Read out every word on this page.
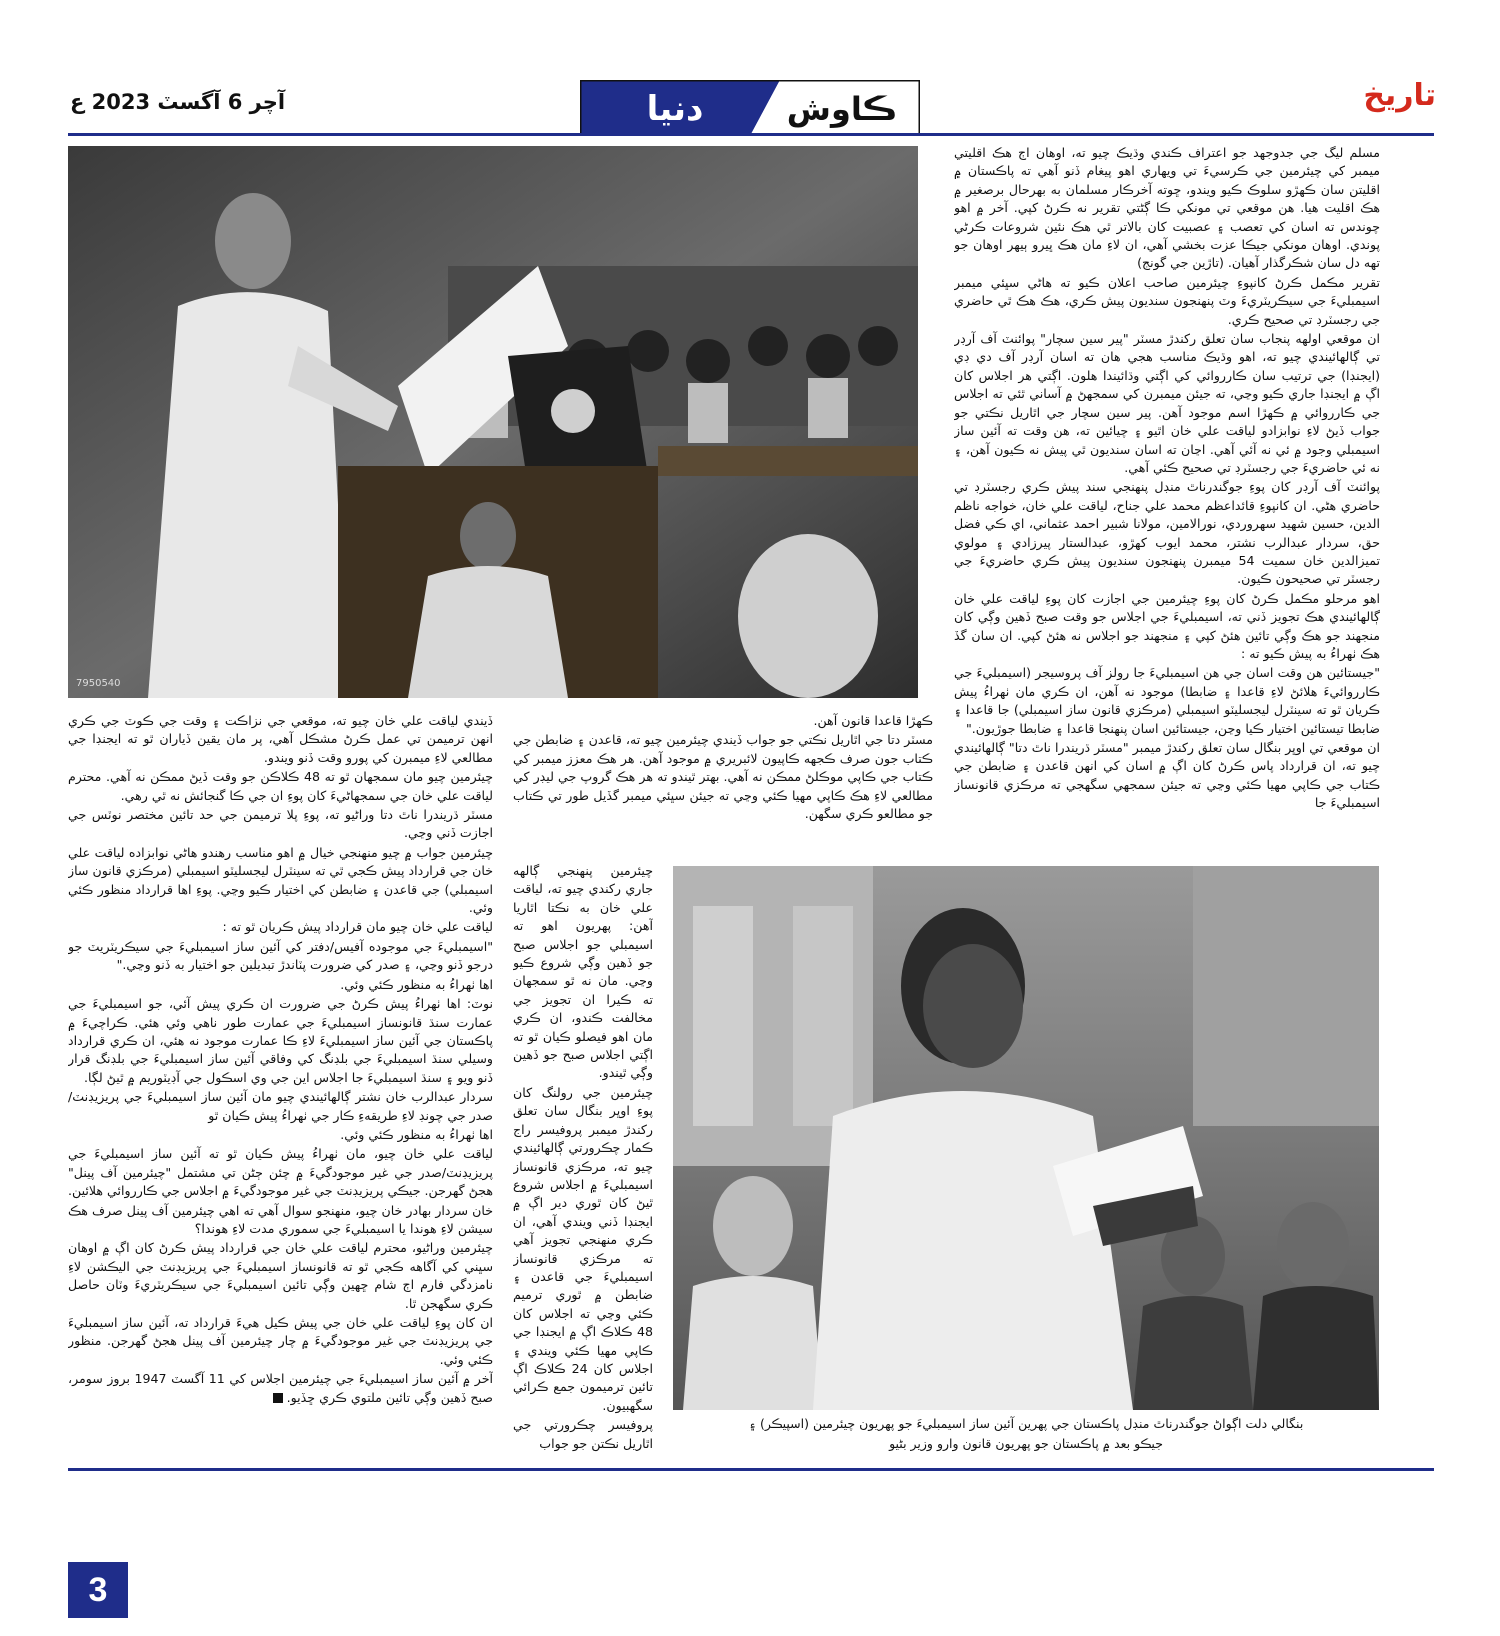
تاريخ
آچر 6 آگسٽ 2023 ع	دنيا	ڪاوش
7950540

مسلم ليگ جي جدوجهد جو اعتراف ڪندي وڌيڪ چيو ته، اوهان اڄ هڪ اقليتي ميمبر کي چيئرمين جي ڪرسيءَ تي ويهاري اهو پيغام ڏنو آهي ته پاڪستان ۾ اقليتن سان ڪهڙو سلوڪ ڪيو ويندو، ڇوته آخرڪار مسلمان به بهرحال برصغير ۾ هڪ اقليت هيا. هن موقعي تي مونکي ڪا ڳڻتي تقرير نه ڪرڻ کپي. آخر ۾ اهو چوندس ته اسان کي تعصب ۽ عصبيت کان بالاتر ٿي هڪ نئين شروعات ڪرڻي پوندي. اوهان مونکي جيڪا عزت بخشي آهي، ان لاءِ مان هڪ ڀيرو ٻيهر اوهان جو تهه دل سان شڪرگذار آهيان. (تاڙين جي گونج)

تقرير مڪمل ڪرڻ کانپوءِ چيئرمين صاحب اعلان ڪيو ته هاڻي سڀئي ميمبر اسيمبليءَ جي سيڪريٽريءَ وٽ پنهنجون سنديون پيش ڪري، هڪ هڪ ٿي حاضري جي رجسٽرڊ تي صحيح ڪري.

ان موقعي اولهه پنجاب سان تعلق رکندڙ مسٽر "پير سين سچار" پوائنٽ آف آرڊر تي ڳالهائيندي چيو ته، اهو وڌيڪ مناسب هجي هان ته اسان آرڊر آف دي ڊي (ايجنڊا) جي ترتيب سان ڪارروائي کي اڳتي وڌائيندا هلون. اڳتي هر اجلاس کان اڳ ۾ ايجنڊا جاري ڪيو وڃي، ته جيئن ميمبرن کي سمجهڻ ۾ آساني ٿئي ته اجلاس جي ڪارروائي ۾ ڪهڙا اسم موجود آهن. پير سين سچار جي اٿاريل نڪتي جو جواب ڏيڻ لاءِ نوابزادو لياقت علي خان اٿيو ۽ چيائين ته، هن وقت ته آئين ساز اسيمبلي وجود ۾ ئي نه آئي آهي. اڃان ته اسان سنديون ٿي پيش نه ڪيون آهن، ۽ نه ئي حاضريءَ جي رجسٽرڊ تي صحيح ڪئي آهي.

پوائنٽ آف آرڊر کان پوءِ جوگندرناٿ منڊل پنهنجي سند پيش ڪري رجسٽرڊ تي حاضري هڻي. ان کانپوءِ قائداعظم محمد علي جناح، لياقت علي خان، خواجه ناظم الدين، حسين شهيد سهروردي، نورالامين، مولانا شبير احمد عثماني، اي ڪي فضل حق، سردار عبدالرب نشتر، محمد ايوب کهڙو، عبدالستار پيرزادي ۽ مولوي تميزالدين خان سميت 54 ميمبرن پنهنجون سنديون پيش ڪري حاضريءَ جي رجسٽر تي صحيحون ڪيون.

اهو مرحلو مڪمل ڪرڻ کان پوءِ چيئرمين جي اجازت کان پوءِ لياقت علي خان ڳالهائيندي هڪ تجويز ڏني ته، اسيمبليءَ جي اجلاس جو وقت صبح ڏهين وڳي کان منجهند جو هڪ وڳي تائين هئڻ کپي ۽ منجهند جو اجلاس نه هئڻ کپي. ان سان گڏ هڪ ٺهراءُ به پيش ڪيو ته :

"جيستائين هن وقت اسان جي هن اسيمبليءَ جا رولز آف پروسيجر (اسيمبليءَ جي ڪارروائيءَ هلائڻ لاءِ قاعدا ۽ ضابطا) موجود نه آهن، ان ڪري مان ٺهراءُ پيش ڪريان ٿو ته سينٽرل ليجسليٽو اسيمبلي (مرڪزي قانون ساز اسيمبلي) جا قاعدا ۽ ضابطا تيستائين اختيار ڪيا وڃن، جيستائين اسان پنهنجا قاعدا ۽ ضابطا جوڙيون."

ان موقعي تي اوڀر بنگال سان تعلق رکندڙ ميمبر "مسٽر ڌريندرا ناٿ دتا" ڳالهائيندي چيو ته، ان قرارداد پاس ڪرڻ کان اڳ ۾ اسان کي انهن قاعدن ۽ ضابطن جي ڪتاب جي ڪاپي مهيا ڪئي وڃي ته جيئن سمجهي سگهجي ته مرڪزي قانونساز اسيمبليءَ جا

ڪهڙا قاعدا قانون آهن.

مسٽر دتا جي اٿاريل نڪتي جو جواب ڏيندي چيئرمين چيو ته، قاعدن ۽ ضابطن جي ڪتاب جون صرف ڪجهه ڪاپيون لائبريري ۾ موجود آهن. هر هڪ معزز ميمبر کي ڪتاب جي ڪاپي موڪلڻ ممڪن نه آهي. بهتر ٿيندو ته هر هڪ گروپ جي ليڊر کي مطالعي لاءِ هڪ ڪاپي مهيا ڪئي وڃي ته جيئن سڀئي ميمبر گڏيل طور تي ڪتاب جو مطالعو ڪري سگهن.

ڏيندي لياقت علي خان چيو ته، موقعي جي نزاڪت ۽ وقت جي ڪوٽ جي ڪري انهن ترميمن تي عمل ڪرڻ مشڪل آهي، پر مان يقين ڏياران ٿو ته ايجنڊا جي مطالعي لاءِ ميمبرن کي پورو وقت ڏنو ويندو.

چيئرمين چيو مان سمجهان ٿو ته 48 ڪلاڪن جو وقت ڏيڻ ممڪن نه آهي. محترم لياقت علي خان جي سمجهاڻيءَ کان پوءِ ان جي ڪا گنجائش نه ٿي رهي.

مسٽر ڌريندرا ناٿ دتا وراڻيو ته، پوءِ پلا ترميمن جي حد تائين مختصر نوٽس جي اجازت ڏني وڃي.

چيئرمين جواب ۾ چيو منهنجي خيال ۾ اهو مناسب رهندو هاڻي نوابزاده لياقت علي خان جي قرارداد پيش ڪجي ٿي ته سينٽرل ليجسليٽو اسيمبلي (مرڪزي قانون ساز اسيمبلي) جي قاعدن ۽ ضابطن کي اختيار ڪيو وڃي. پوءِ اها قرارداد منظور ڪئي وئي.

لياقت علي خان چيو مان قرارداد پيش ڪريان ٿو ته :

"اسيمبليءَ جي موجوده آفيس/دفتر کي آئين ساز اسيمبليءَ جي سيڪريٽريٽ جو درجو ڏنو وڃي، ۽ صدر کي ضرورت پٽاندڙ تبديلين جو اختيار به ڏنو وڃي."

اها ٺهراءُ به منظور ڪئي وئي.

نوٽ: اها ٺهراءُ پيش ڪرڻ جي ضرورت ان ڪري پيش آئي، جو اسيمبليءَ جي عمارت سنڌ قانونساز اسيمبليءَ جي عمارت طور ناهي وئي هئي. ڪراچيءَ ۾ پاڪستان جي آئين ساز اسيمبليءَ لاءِ ڪا عمارت موجود نه هئي، ان ڪري قرارداد وسيلي سنڌ اسيمبليءَ جي بلڊنگ کي وفاقي آئين ساز اسيمبليءَ جي بلڊنگ قرار ڏنو ويو ۽ سنڌ اسيمبليءَ جا اجلاس اين جي وي اسڪول جي آڊيٽوريم ۾ ٿيڻ لڳا.

سردار عبدالرب خان نشتر ڳالهائيندي چيو مان آئين ساز اسيمبليءَ جي پريزيڊنٽ/صدر جي چونڊ لاءِ طريقهءِ ڪار جي ٺهراءُ پيش ڪيان ٿو

اها ٺهراءُ به منظور ڪئي وئي.

لياقت علي خان چيو، مان ٺهراءُ پيش ڪيان ٿو ته آئين ساز اسيمبليءَ جي پريزيڊنٽ/صدر جي غير موجودگيءَ ۾ چئن ڄڻن تي مشتمل "چيئرمين آف پينل" هجڻ گهرجن. جيڪي پريزيڊنٽ جي غير موجودگيءَ ۾ اجلاس جي ڪارروائي هلائين.

خان سردار بهادر خان چيو، منهنجو سوال آهي ته اهي چيئرمين آف پينل صرف هڪ سيشن لاءِ هوندا يا اسيمبليءَ جي سموري مدت لاءِ هوندا؟

چيئرمين وراڻيو، محترم لياقت علي خان جي قرارداد پيش ڪرڻ کان اڳ ۾ اوهان سڀني کي آگاهه ڪجي ٿو ته قانونساز اسيمبليءَ جي پريزيڊنٽ جي اليڪشن لاءِ نامزدگي فارم اڄ شام ڇهين وڳي تائين اسيمبليءَ جي سيڪريٽريءَ وٽان حاصل ڪري سگهجن ٿا.

ان کان پوءِ لياقت علي خان جي پيش ڪيل هيءَ قرارداد ته، آئين ساز اسيمبليءَ جي پريزيڊنٽ جي غير موجودگيءَ ۾ چار چيئرمين آف پينل هجڻ گهرجن. منظور ڪئي وئي.

آخر ۾ آئين ساز اسيمبليءَ جي چيئرمين اجلاس کي 11 آگسٽ 1947 بروز سومر، صبح ڏهين وڳي تائين ملتوي ڪري ڇڏيو.

چيئرمين پنهنجي ڳالهه جاري رکندي چيو ته، لياقت علي خان به نڪتا اٿاريا آهن: پهريون اهو ته اسيمبلي جو اجلاس صبح جو ڏهين وڳي شروع ڪيو وڃي. مان نه ٿو سمجهان ته ڪيرا ان تجويز جي مخالفت ڪندو، ان ڪري مان اهو فيصلو ڪيان ٿو ته اڳتي اجلاس صبح جو ڏهين وڳي ٿيندو.

چيئرمين جي رولنگ کان پوءِ اوڀر بنگال سان تعلق رکندڙ ميمبر پروفيسر راج ڪمار چڪرورتي ڳالهائيندي چيو ته، مرڪزي قانونساز اسيمبليءَ ۾ اجلاس شروع ٿيڻ کان ٿوري دير اڳ ۾ ايجنڊا ڏني ويندي آهي، ان ڪري منهنجي تجويز آهي ته مرڪزي قانونساز اسيمبليءَ جي قاعدن ۽ ضابطن ۾ ٿوري ترميم ڪئي وڃي ته اجلاس کان 48 ڪلاڪ اڳ ۾ ايجنڊا جي ڪاپي مهيا ڪئي ويندي ۽ اجلاس کان 24 ڪلاڪ اڳ تائين ترميمون جمع ڪرائي سگهبيون.

پروفيسر چڪرورتي جي اٿاريل نڪتن جو جواب

بنگالي دلت اڳواڻ جوگندرناٿ منڊل پاڪستان جي پهرين آئين ساز اسيمبليءَ جو پهريون چيئرمين (اسپيڪر) ۽
جيڪو بعد ۾ پاڪستان جو پهريون قانون وارو وزير بڻيو
3
